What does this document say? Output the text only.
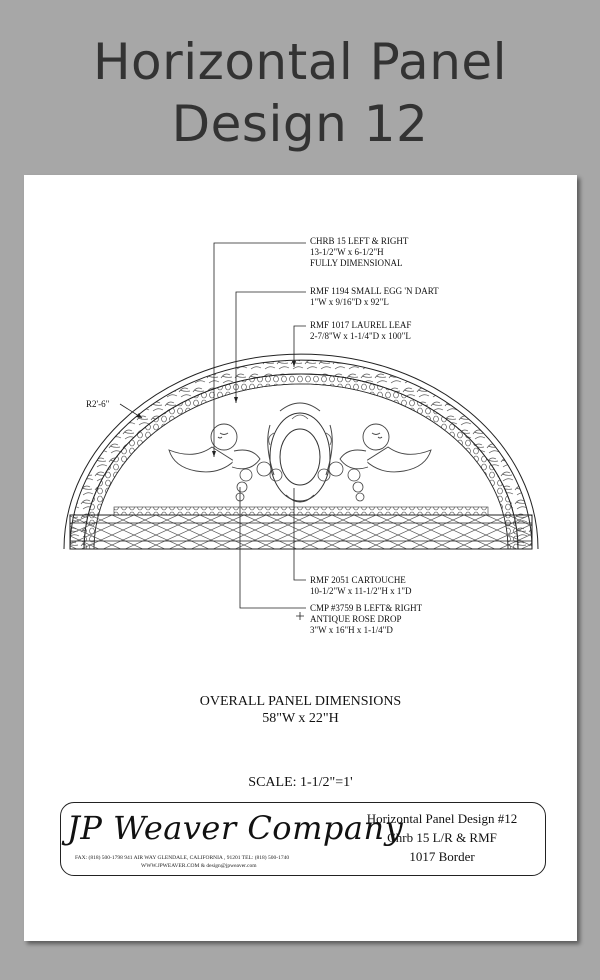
Horizontal Panel
Design 12
CHRB 15 LEFT & RIGHT
13-1/2"W x 6-1/2"H
FULLY DIMENSIONAL
RMF 1194 SMALL EGG 'N DART
1"W x 9/16"D x 92"L
RMF 1017 LAUREL LEAF
2-7/8"W x 1-1/4"D x 100"L
R2'-6"
RMF 2051 CARTOUCHE
10-1/2"W x 11-1/2"H x 1"D
CMP #3759 B LEFT& RIGHT
ANTIQUE ROSE DROP
3"W x 16"H x 1-1/4"D
OVERALL PANEL DIMENSIONS
58"W x 22"H
SCALE: 1-1/2"=1'
JP Weaver Company
FAX: (818) 500-1798 941 AIR WAY GLENDALE, CALIFORNIA , 91201 TEL: (818) 500-1740
WWW.JPWEAVER.COM & design@jpweaver.com
Horizontal Panel Design #12
Chrb 15 L/R & RMF
1017 Border
